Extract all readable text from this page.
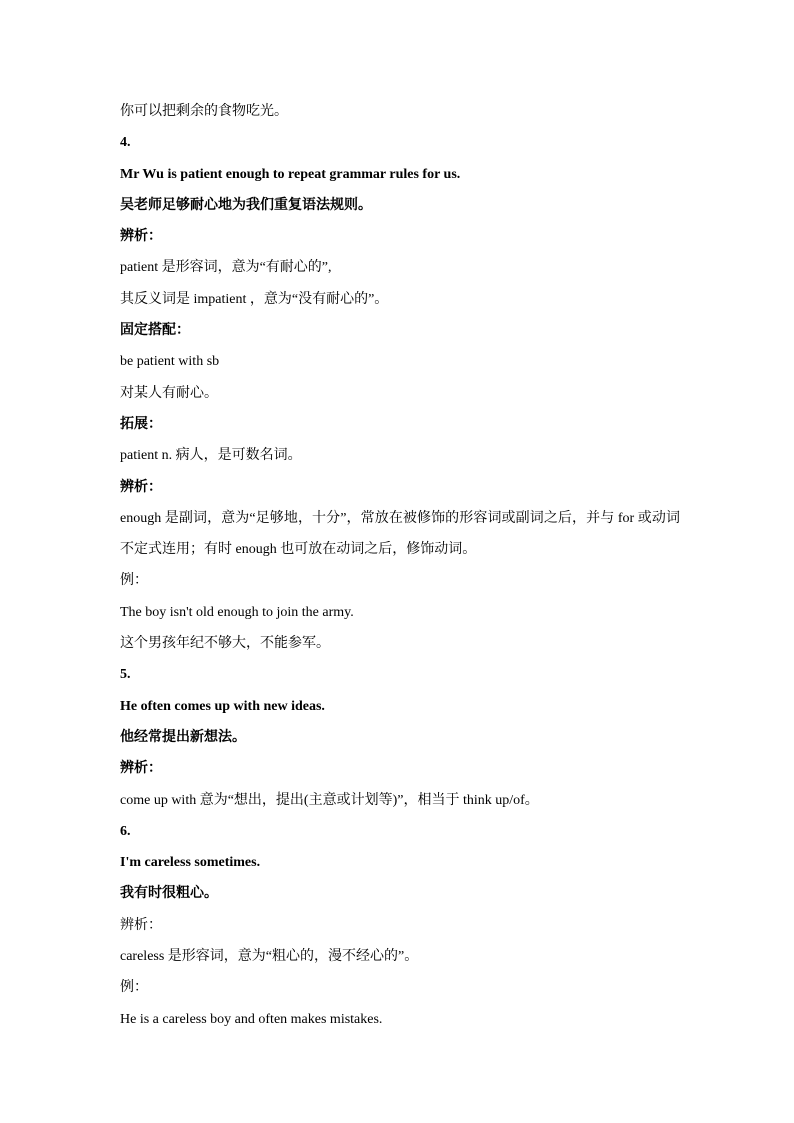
你可以把剩余的食物吃光。
4.
Mr Wu is patient enough to repeat grammar rules for us.
吴老师足够耐心地为我们重复语法规则。
辨析：
patient 是形容词，意为“有耐心的”,
其反义词是 impatient ，意为“没有耐心的”。
固定搭配：
be patient with sb
对某人有耐心。
拓展：
patient n. 病人，是可数名词。
辨析：
enough 是副词，意为“足够地，十分”，常放在被修饰的形容词或副词之后，并与 for 或动词不定式连用；有时 enough 也可放在动词之后，修饰动词。
例：
The boy isn't old enough to join the army.
这个男孩年纪不够大，不能参军。
5.
He often comes up with new ideas.
他经常提出新想法。
辨析：
come up with 意为“想出，提出(主意或计划等)”，相当于 think up/of。
6.
I'm careless sometimes.
我有时很粗心。
辨析：
careless 是形容词，意为“粗心的，漫不经心的”。
例：
He is a careless boy and often makes mistakes.
